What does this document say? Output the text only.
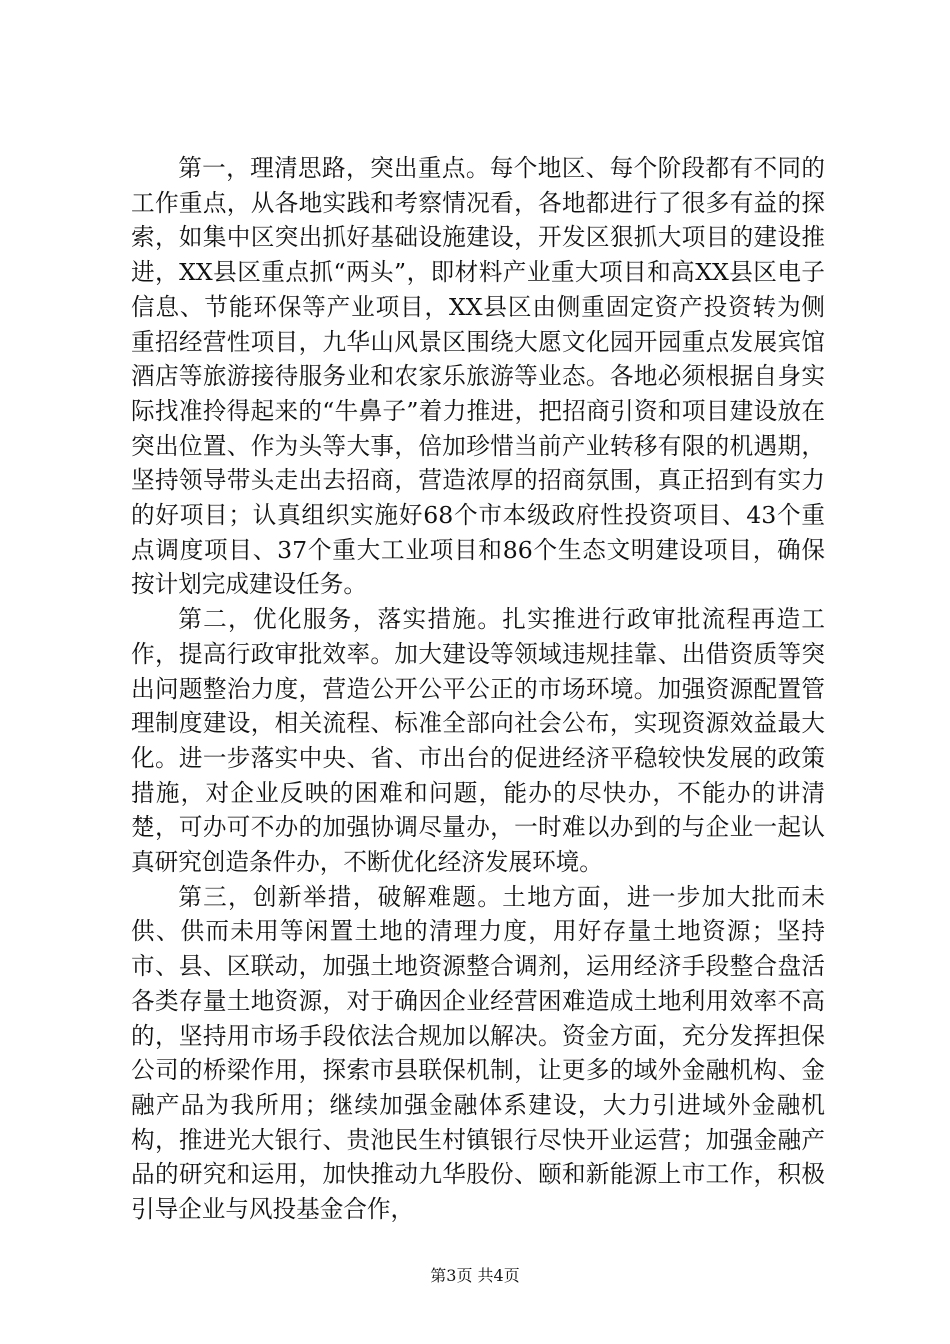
第一，理清思路，突出重点。每个地区、每个阶段都有不同的工作重点，从各地实践和考察情况看，各地都进行了很多有益的探索，如集中区突出抓好基础设施建设，开发区狠抓大项目的建设推进，XX县区重点抓“两头”，即材料产业重大项目和高XX县区电子信息、节能环保等产业项目，XX县区由侧重固定资产投资转为侧重招经营性项目，九华山风景区围绕大愿文化园开园重点发展宾馆酒店等旅游接待服务业和农家乐旅游等业态。各地必须根据自身实际找准拎得起来的“牛鼻子”着力推进，把招商引资和项目建设放在突出位置、作为头等大事，倍加珍惜当前产业转移有限的机遇期，坚持领导带头走出去招商，营造浓厚的招商氛围，真正招到有实力的好项目；认真组织实施好68个市本级政府性投资项目、43个重点调度项目、37个重大工业项目和86个生态文明建设项目，确保按计划完成建设任务。

第二，优化服务，落实措施。扎实推进行政审批流程再造工作，提高行政审批效率。加大建设等领域违规挂靠、出借资质等突出问题整治力度，营造公开公平公正的市场环境。加强资源配置管理制度建设，相关流程、标准全部向社会公布，实现资源效益最大化。进一步落实中央、省、市出台的促进经济平稳较快发展的政策措施，对企业反映的困难和问题，能办的尽快办，不能办的讲清楚，可办可不办的加强协调尽量办，一时难以办到的与企业一起认真研究创造条件办，不断优化经济发展环境。

第三，创新举措，破解难题。土地方面，进一步加大批而未供、供而未用等闲置土地的清理力度，用好存量土地资源；坚持市、县、区联动，加强土地资源整合调剂，运用经济手段整合盘活各类存量土地资源，对于确因企业经营困难造成土地利用效率不高的，坚持用市场手段依法合规加以解决。资金方面，充分发挥担保公司的桥梁作用，探索市县联保机制，让更多的域外金融机构、金融产品为我所用；继续加强金融体系建设，大力引进域外金融机构，推进光大银行、贵池民生村镇银行尽快开业运营；加强金融产品的研究和运用，加快推动九华股份、颐和新能源上市工作，积极引导企业与风投基金合作，

第3页 共4页
